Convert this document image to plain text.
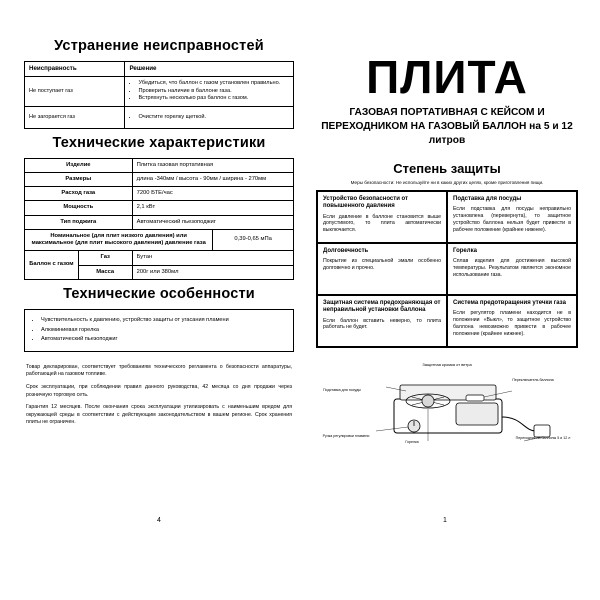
Устранение неисправностей
Неисправность	Решение
Не поступает газ	
• Убедиться, что баллон с газом установлен правильно.
• Проверить наличие в баллоне газа.
• Встряхнуть несколько раз баллон с газом.

Не загорается газ	
•Очистите горелку щеткой.
Технические характеристики
Изделие		Плитка газовая портативная	
Размеры		длина -340мм / высота - 90мм / ширина - 270мм	
Расход газа		7200 БТЕ/час	
Мощность		2,1 кВт	
Тип поджига		Автоматический пьезоподжиг	
Номинальное (для плит низкого давления) или максимальное (для плит высокого давления) давление газа			0,39-0,65 мПа
Баллон с газом	Газ	Бутан	
	Масса	200г или 380мл	
Технические особенности
• Чувствительность к давлению, устройство защиты от угасания пламени
• Алюминиевая горелка
• Автоматический пьезоподжиг

Товар декларирован, соответствует требованиям технического регламента о безопасности аппаратуры, работающей на газовом топливе.

Срок эксплуатации, при соблюдении правил данного руководства, 42 месяца со дня продажи через розничную торговую сеть.

Гарантия 12 месяцев. После окончания срока эксплуатации утилизировать с наименьшим вредом для окружающей среды в соответствии с действующим законодательством в вашем регионе. Срок хранения плиты не ограничен.

4
ПЛИТА
ГАЗОВАЯ ПОРТАТИВНАЯ С КЕЙСОМ И ПЕРЕХОДНИКОМ НА ГАЗОВЫЙ БАЛЛОН на 5 и 12 литров
Степень защиты
Меры безопасности: Не используйте ни в каких других целях, кроме приготовления пищи.
Устройство безопасности от повышенного давления

Если давление в баллоне становится выше допустимого, то плита автоматически выключается.

Подставка для посуды

Если подставка для посуды неправильно установлена (перевернута), то защитное устройство баллона нельзя будет привести в рабочее положение (крайнее нижнее).

Долговечность

Покрытие из специальной эмали особенно долговечно и прочно.

Горелка

Сплав изделия для достижения высокой температуры. Результатом является экономное использование газа.

Защитная система предохраняющая от неправильной установки баллона

Если баллон вставить неверно, то плита работать не будет.

Система предотвращения утечки газа

Если регулятор пламени находится не в положении «Выкл», то защитное устройство баллона невозможно привести в рабочее положение (крайнее нижнее).

Защитная кромка от ветра
Подставка для посуды
Горелка
Переключатель баллона
Переходник на баллоны 5 и 12 л
Ручка регулировки пламени
1
